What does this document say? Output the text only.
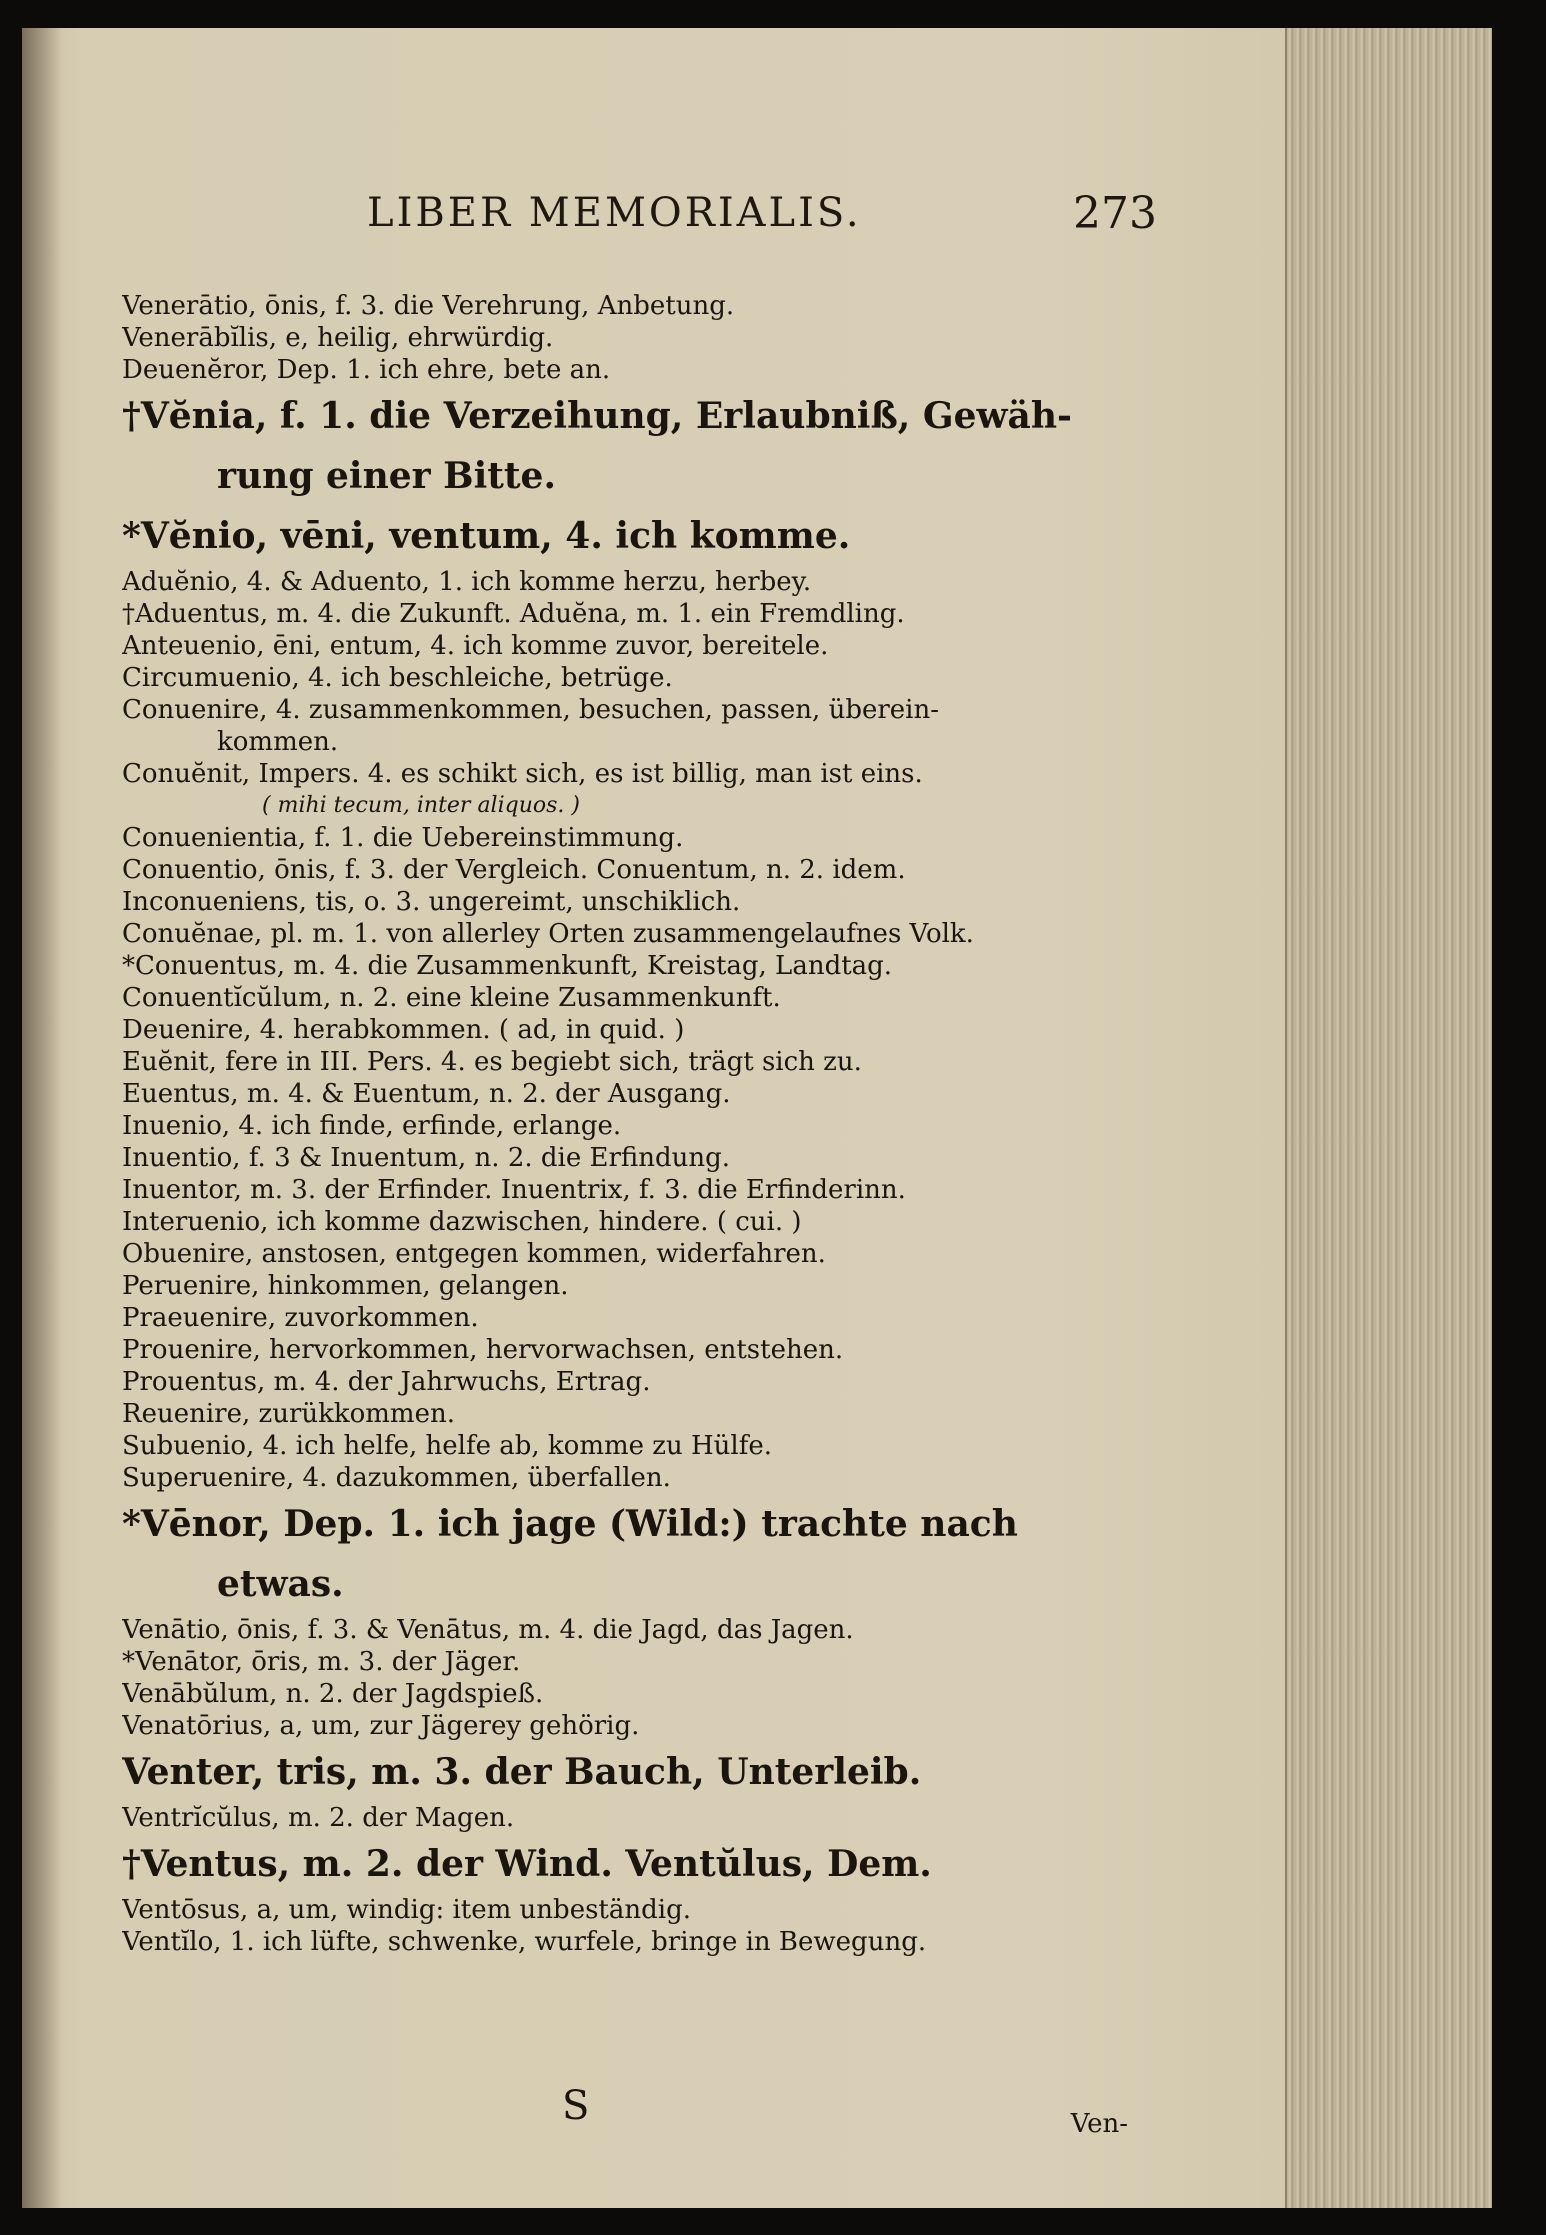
LIBER MEMORIALIS.	273
Venerātio, ōnis, f. 3. die Verehrung, Anbetung.
Venerābĭlis, e, heilig, ehrwürdig.
Deuenĕror, Dep. 1. ich ehre, bete an.
†Vĕnia, f. 1. die Verzeihung, Erlaubniß, Gewäh-
rung einer Bitte.
*Vĕnio, vēni, ventum, 4. ich komme.
Aduĕnio, 4. & Aduento, 1. ich komme herzu, herbey.
†Aduentus, m. 4. die Zukunft. Aduĕna, m. 1. ein Fremdling.
Anteuenio, ēni, entum, 4. ich komme zuvor, bereitele.
Circumuenio, 4. ich beschleiche, betrüge.
Conuenire, 4. zusammenkommen, besuchen, passen, überein-
kommen.
Conuĕnit, Impers. 4. es schikt sich, es ist billig, man ist eins.
( mihi tecum, inter aliquos. )
Conuenientia, f. 1. die Uebereinstimmung.
Conuentio, ōnis, f. 3. der Vergleich. Conuentum, n. 2. idem.
Inconueniens, tis, o. 3. ungereimt, unschiklich.
Conuĕnae, pl. m. 1. von allerley Orten zusammengelaufnes Volk.
*Conuentus, m. 4. die Zusammenkunft, Kreistag, Landtag.
Conuentĭcŭlum, n. 2. eine kleine Zusammenkunft.
Deuenire, 4. herabkommen. ( ad, in quid. )
Euĕnit, fere in III. Pers. 4. es begiebt sich, trägt sich zu.
Euentus, m. 4. & Euentum, n. 2. der Ausgang.
Inuenio, 4. ich finde, erfinde, erlange.
Inuentio, f. 3 & Inuentum, n. 2. die Erfindung.
Inuentor, m. 3. der Erfinder. Inuentrix, f. 3. die Erfinderinn.
Interuenio, ich komme dazwischen, hindere. ( cui. )
Obuenire, anstosen, entgegen kommen, widerfahren.
Peruenire, hinkommen, gelangen.
Praeuenire, zuvorkommen.
Prouenire, hervorkommen, hervorwachsen, entstehen.
Prouentus, m. 4. der Jahrwuchs, Ertrag.
Reuenire, zurükkommen.
Subuenio, 4. ich helfe, helfe ab, komme zu Hülfe.
Superuenire, 4. dazukommen, überfallen.
*Vēnor, Dep. 1. ich jage (Wild:) trachte nach
etwas.
Venātio, ōnis, f. 3. & Venātus, m. 4. die Jagd, das Jagen.
*Venātor, ōris, m. 3. der Jäger.
Venābŭlum, n. 2. der Jagdspieß.
Venatōrius, a, um, zur Jägerey gehörig.
Venter, tris, m. 3. der Bauch, Unterleib.
Ventrĭcŭlus, m. 2. der Magen.
†Ventus, m. 2. der Wind. Ventŭlus, Dem.
Ventōsus, a, um, windig: item unbeständig.
Ventĭlo, 1. ich lüfte, schwenke, wurfele, bringe in Bewegung.
S	Ven-
